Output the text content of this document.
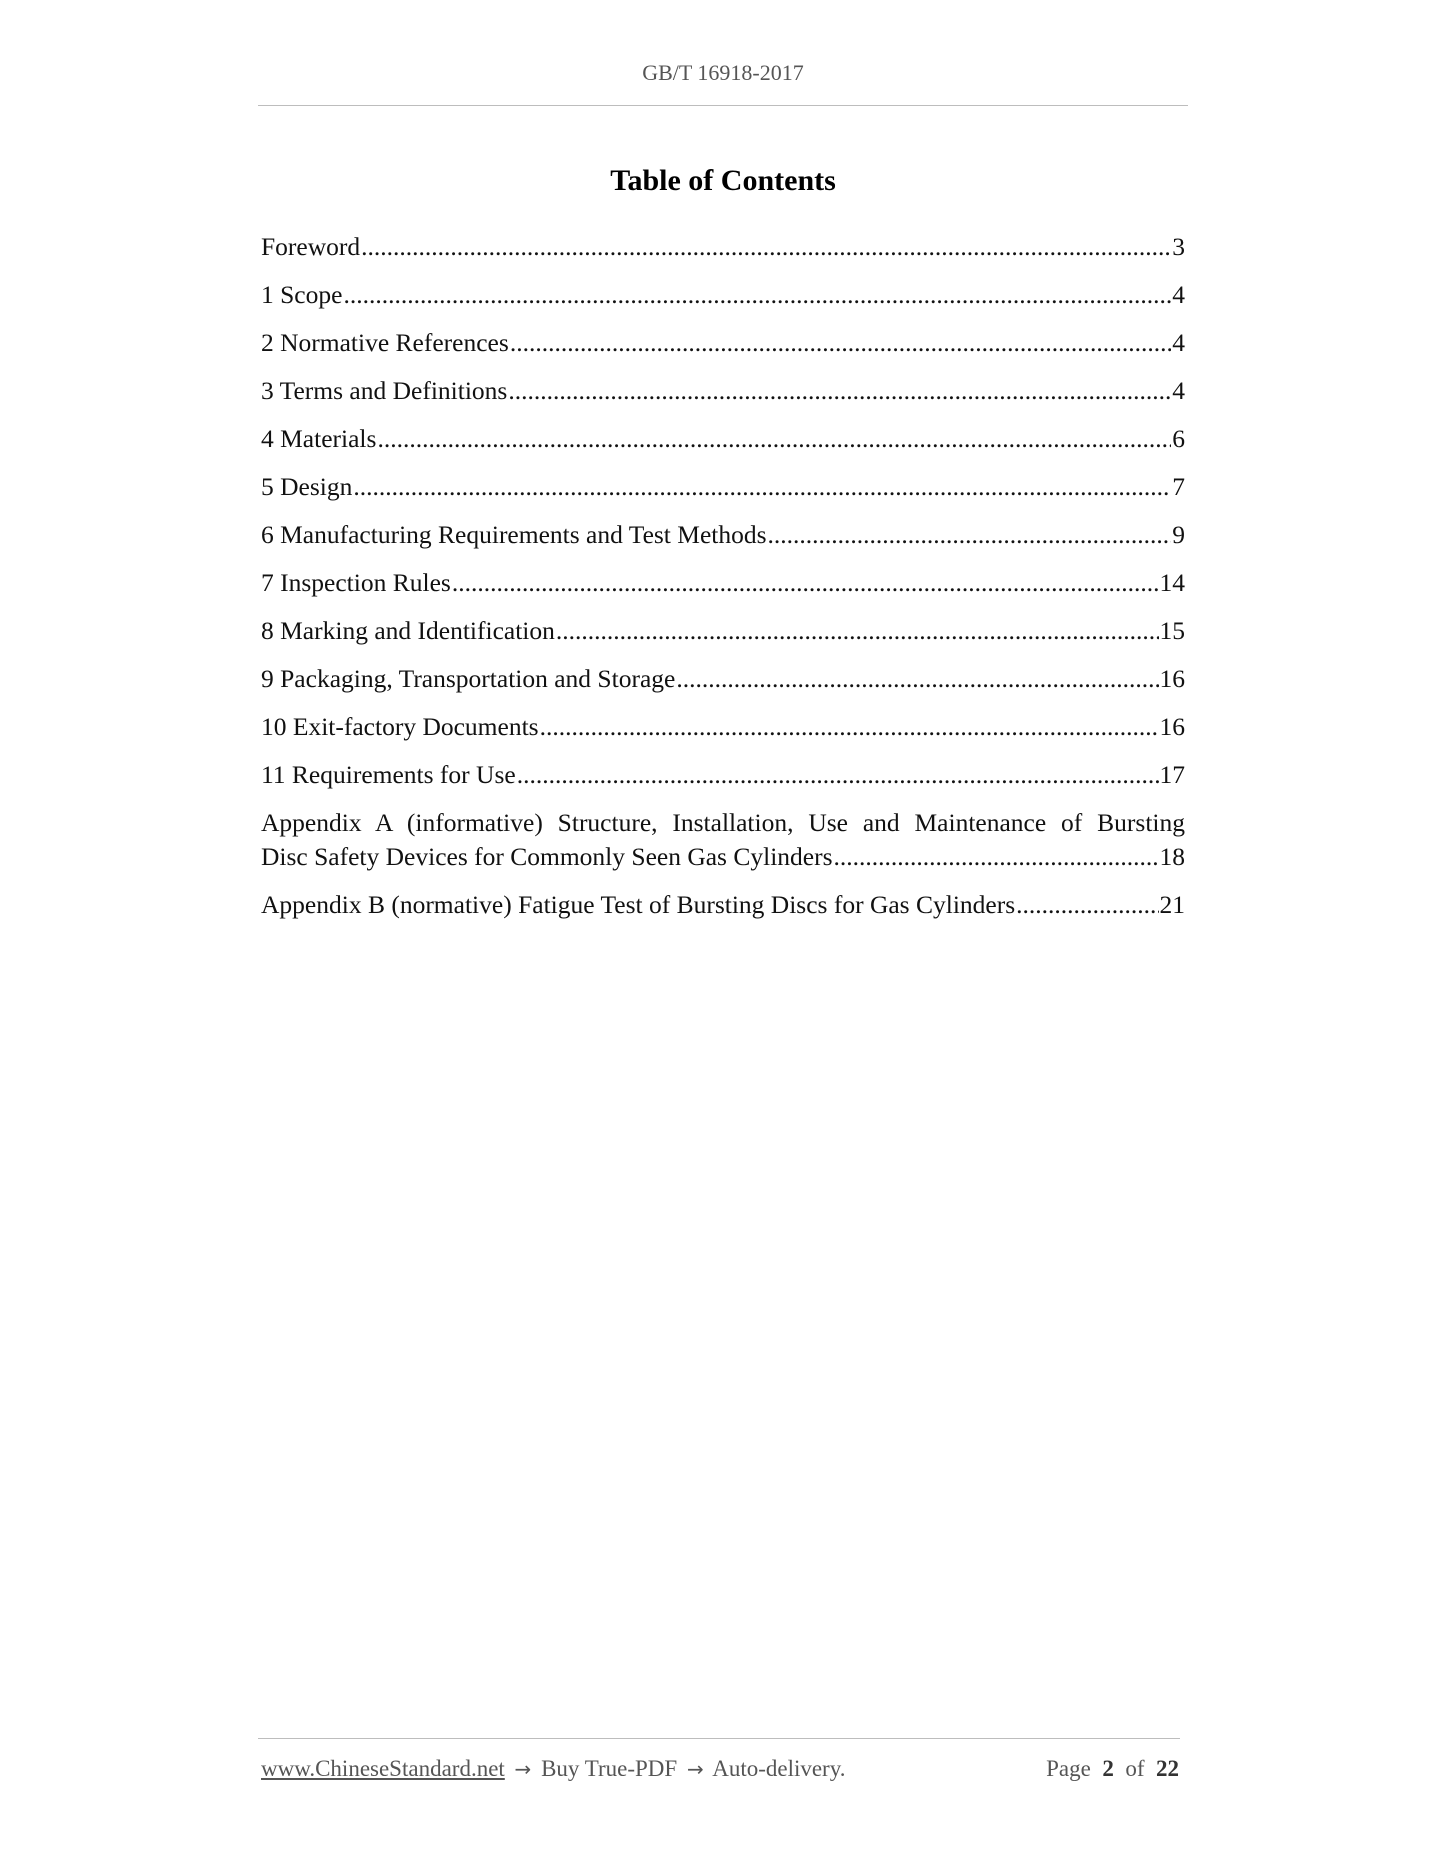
GB/T 16918-2017
Table of Contents
Foreword .....	3
1 Scope .....	4
2 Normative References .....	4
3 Terms and Definitions .....	4
4 Materials .....	6
5 Design .....	7
6 Manufacturing Requirements and Test Methods .....	9
7 Inspection Rules .....	14
8 Marking and Identification .....	15
9 Packaging, Transportation and Storage .....	16
10 Exit-factory Documents .....	16
11 Requirements for Use .....	17
Appendix A (informative) Structure, Installation, Use and Maintenance of Bursting
Disc Safety Devices for Commonly Seen Gas Cylinders .....	18
Appendix B (normative) Fatigue Test of Bursting Discs for Gas Cylinders .....	21
www.ChineseStandard.net → Buy True-PDF → Auto-delivery.	Page 2 of 22
